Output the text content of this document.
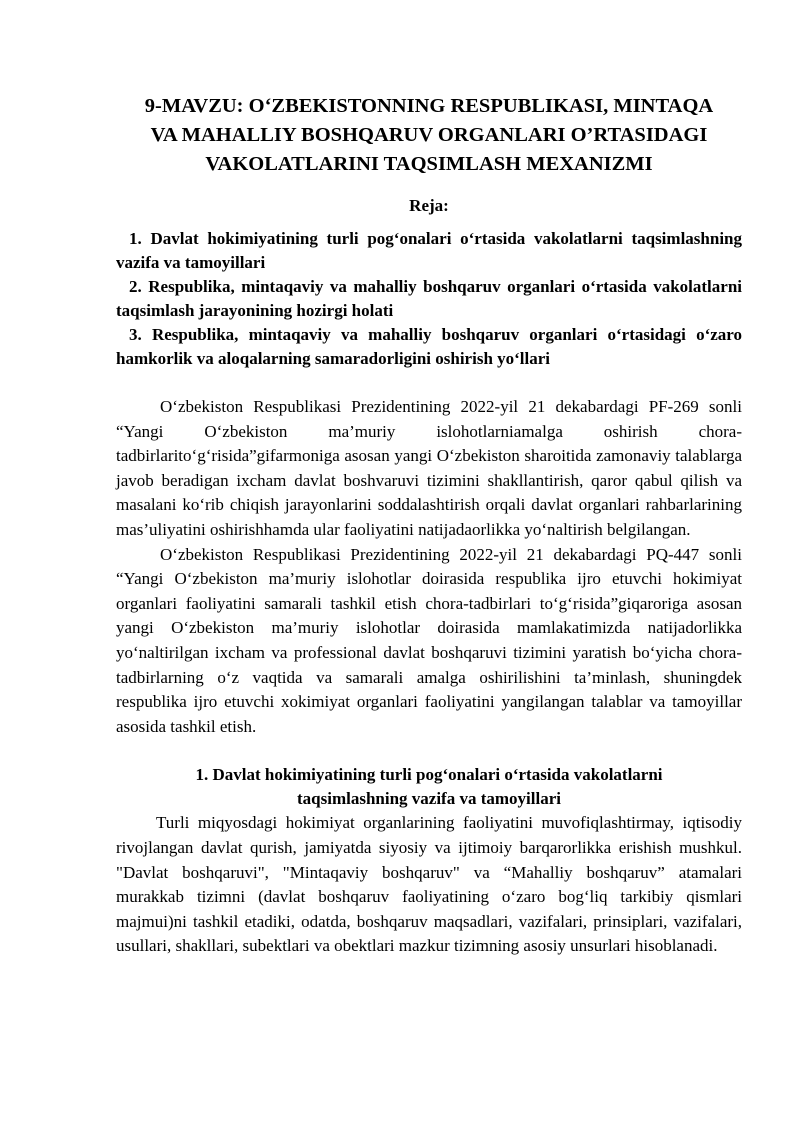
9-MAVZU: O‘ZBEKISTONNING RESPUBLIKASI, MINTAQA
VA MAHALLIY BOSHQARUV ORGANLARI O’RTASIDAGI
VAKOLATLARINI TAQSIMLASH MEXANIZMI
Reja:
1. Davlat hokimiyatining turli pog‘onalari o‘rtasida vakolatlarni taqsimlashning vazifa va tamoyillari
2. Respublika, mintaqaviy va mahalliy boshqaruv organlari o‘rtasida vakolatlarni taqsimlash jarayonining hozirgi holati
3. Respublika, mintaqaviy va mahalliy boshqaruv organlari o‘rtasidagi o‘zaro hamkorlik va aloqalarning samaradorligini oshirish yo‘llari

O‘zbekiston Respublikasi Prezidentining 2022-yil 21 dekabardagi PF-269 sonli “Yangi O‘zbekiston ma’muriy islohotlarniamalga oshirish chora-tadbirlarito‘g‘risida”gifarmoniga asosan yangi O‘zbekiston sharoitida zamonaviy talablarga javob beradigan ixcham davlat boshvaruvi tizimini shakllantirish, qaror qabul qilish va masalani ko‘rib chiqish jarayonlarini soddalashtirish orqali davlat organlari rahbarlarining mas’uliyatini oshirishhamda ular faoliyatini natijadaorlikka yo‘naltirish belgilangan.

O‘zbekiston Respublikasi Prezidentining 2022-yil 21 dekabardagi PQ-447 sonli “Yangi O‘zbekiston ma’muriy islohotlar doirasida respublika ijro etuvchi hokimiyat organlari faoliyatini samarali tashkil etish chora-tadbirlari to‘g‘risida”giqaroriga asosan yangi O‘zbekiston ma’muriy islohotlar doirasida mamlakatimizda natijadorlikka yo‘naltirilgan ixcham va professional davlat boshqaruvi tizimini yaratish bo‘yicha chora-tadbirlarning o‘z vaqtida va samarali amalga oshirilishini ta’minlash, shuningdek respublika ijro etuvchi xokimiyat organlari faoliyatini yangilangan talablar va tamoyillar asosida tashkil etish.

1. Davlat hokimiyatining turli pog‘onalari o‘rtasida vakolatlarni
taqsimlashning vazifa va tamoyillari

Turli miqyosdagi hokimiyat organlarining faoliyatini muvofiqlashtirmay, iqtisodiy rivojlangan davlat qurish, jamiyatda siyosiy va ijtimoiy barqarorlikka erishish mushkul. "Davlat boshqaruvi", "Mintaqaviy boshqaruv" va “Mahalliy boshqaruv” atamalari murakkab tizimni (davlat boshqaruv faoliyatining o‘zaro bog‘liq tarkibiy qismlari majmui)ni tashkil etadiki, odatda, boshqaruv maqsadlari, vazifalari, prinsiplari, vazifalari, usullari, shakllari, subektlari va obektlari mazkur tizimning asosiy unsurlari hisoblanadi.
